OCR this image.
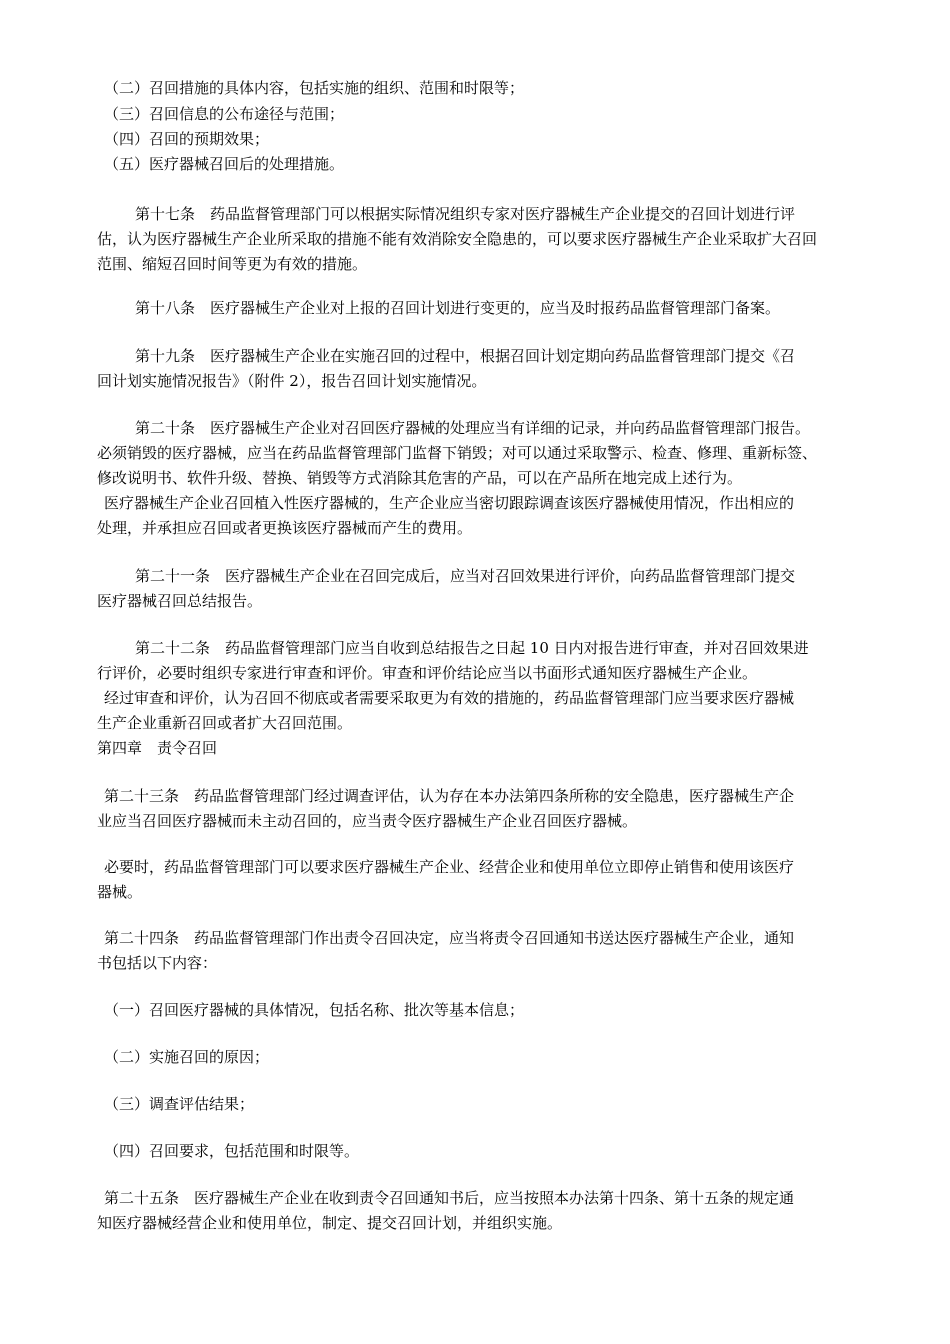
（二）召回措施的具体内容，包括实施的组织、范围和时限等；
（三）召回信息的公布途径与范围；
（四）召回的预期效果；
（五）医疗器械召回后的处理措施。
第十七条　药品监督管理部门可以根据实际情况组织专家对医疗器械生产企业提交的召回计划进行评
估，认为医疗器械生产企业所采取的措施不能有效消除安全隐患的，可以要求医疗器械生产企业采取扩大召回
范围、缩短召回时间等更为有效的措施。
第十八条　医疗器械生产企业对上报的召回计划进行变更的，应当及时报药品监督管理部门备案。
第十九条　医疗器械生产企业在实施召回的过程中，根据召回计划定期向药品监督管理部门提交《召
回计划实施情况报告》（附件 2），报告召回计划实施情况。
第二十条　医疗器械生产企业对召回医疗器械的处理应当有详细的记录，并向药品监督管理部门报告。
必须销毁的医疗器械，应当在药品监督管理部门监督下销毁；对可以通过采取警示、检查、修理、重新标签、
修改说明书、软件升级、替换、销毁等方式消除其危害的产品，可以在产品所在地完成上述行为。
医疗器械生产企业召回植入性医疗器械的，生产企业应当密切跟踪调查该医疗器械使用情况，作出相应的
处理，并承担应召回或者更换该医疗器械而产生的费用。
第二十一条　医疗器械生产企业在召回完成后，应当对召回效果进行评价，向药品监督管理部门提交
医疗器械召回总结报告。
第二十二条　药品监督管理部门应当自收到总结报告之日起 10 日内对报告进行审查，并对召回效果进
行评价，必要时组织专家进行审查和评价。审查和评价结论应当以书面形式通知医疗器械生产企业。
经过审查和评价，认为召回不彻底或者需要采取更为有效的措施的，药品监督管理部门应当要求医疗器械
生产企业重新召回或者扩大召回范围。
第四章　责令召回
第二十三条　药品监督管理部门经过调查评估，认为存在本办法第四条所称的安全隐患，医疗器械生产企
业应当召回医疗器械而未主动召回的，应当责令医疗器械生产企业召回医疗器械。
必要时，药品监督管理部门可以要求医疗器械生产企业、经营企业和使用单位立即停止销售和使用该医疗
器械。
第二十四条　药品监督管理部门作出责令召回决定，应当将责令召回通知书送达医疗器械生产企业，通知
书包括以下内容：
（一）召回医疗器械的具体情况，包括名称、批次等基本信息；
（二）实施召回的原因；
（三）调查评估结果；
（四）召回要求，包括范围和时限等。
第二十五条　医疗器械生产企业在收到责令召回通知书后，应当按照本办法第十四条、第十五条的规定通
知医疗器械经营企业和使用单位，制定、提交召回计划，并组织实施。
